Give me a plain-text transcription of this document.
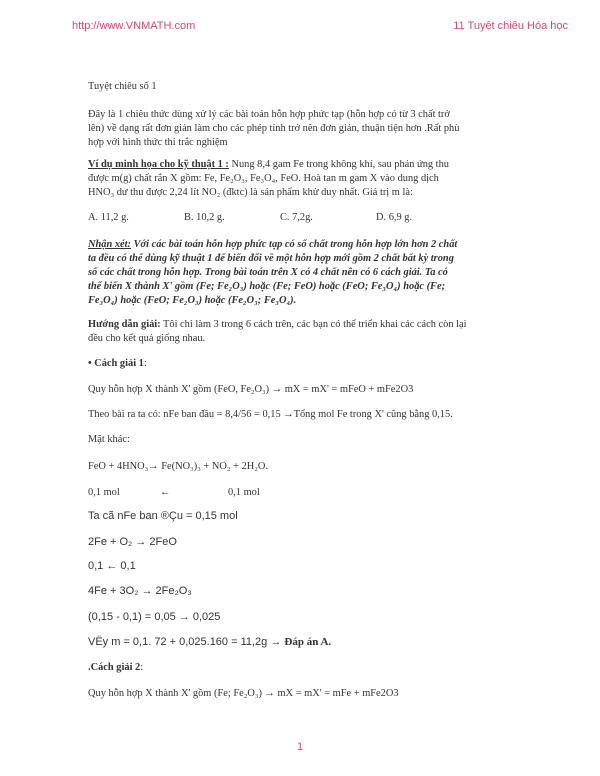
http://www.VNMATH.com	11 Tuyệt chiêu Hóa học
Tuyệt chiêu số 1
Đây là 1 chiêu thức dùng xử lý các bài toán hỗn hợp phức tạp (hỗn hợp có từ 3 chất trở
lên) về dạng rất đơn giản làm cho các phép tính trở nên đơn giản, thuận tiện hơn .Rất phù
hợp với hình thức thi trắc nghiệm
Ví dụ minh họa cho kỹ thuật 1 : Nung 8,4 gam Fe trong không khí, sau phản ứng thu
được m(g) chất rắn X gồm: Fe, Fe₂O₃, Fe₃O₄, FeO. Hoà tan m gam X vào dung dịch
HNO₃ dư thu được 2,24 lít NO₂ (đktc) là sản phẩm khử duy nhất. Giá trị m là:
A. 11,2 g.	B. 10,2 g.	C. 7,2g.	D. 6,9 g.
Nhận xét: Với các bài toán hỗn hợp phức tạp có số chất trong hỗn hợp lớn hơn 2 chất
ta đều có thể dùng kỹ thuật 1 để biến đổi về một hỗn hợp mới gồm 2 chất bất kỳ trong
số các chất trong hỗn hợp. Trong bài toán trên X có 4 chất nên có 6 cách giải. Ta có
thể biến X thành X' gồm (Fe; Fe₂O₃) hoặc (Fe; FeO) hoặc (FeO; Fe₃O₄) hoặc (Fe;
Fe₃O₄) hoặc (FeO; Fe₂O₃) hoặc (Fe₂O₃; Fe₃O₄).
Hướng dẫn giải: Tôi chỉ làm 3 trong 6 cách trên, các bạn có thể triển khai các cách còn lại
đều cho kết quả giống nhau.
• Cách giải 1:
Quy hỗn hợp X thành X' gồm (FeO, Fe₂O₃) → mX = mX' = mFeO + mFe2O3
Theo bài ra ta có: nFe ban đầu = 8,4/56 = 0,15 →Tổng mol Fe trong X' cũng bằng 0,15.
Mặt khác:
FeO + 4HNO₃→ Fe(NO₃)₃ + NO₂ + 2H₂O.
0,1 mol	←	0,1 mol
Ta cã nFe ban ®Çu = 0,15 mol
2Fe + O₂ → 2FeO
0,1 ← 0,1
4Fe + 3O₂ → 2Fe₂O₃
(0,15 - 0,1) = 0,05 → 0,025
VËy m = 0,1. 72 + 0,025.160 = 11,2g → Đáp án A.
.Cách giải 2:
Quy hỗn hợp X thành X' gồm (Fe; Fe₂O₃) → mX = mX' = mFe + mFe2O3
1
